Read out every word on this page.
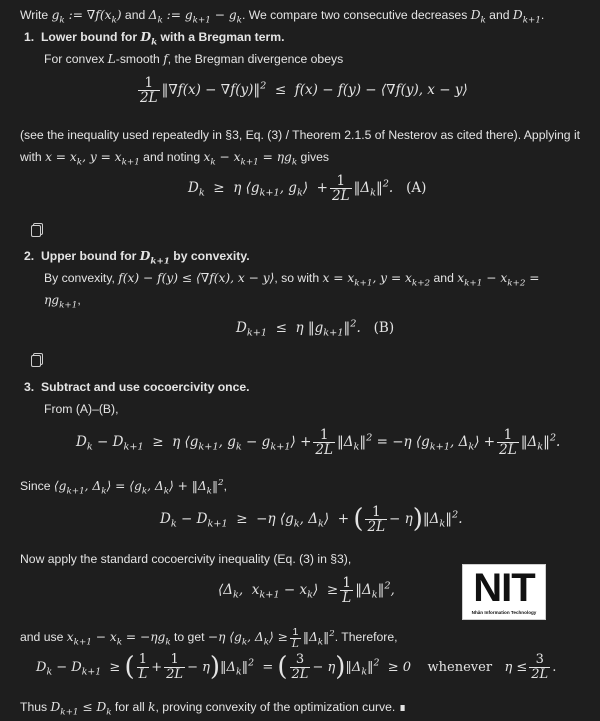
Write $g_k$ := $\nabla f(x_k)$ and $\Delta_k$ := $g_{k+1} - g_k$. We compare two consecutive decreases $D_k$ and $D_{k+1}$.
1. Lower bound for $D_k$ with a Bregman term.
For convex L-smooth f, the Bregman divergence obeys
$\frac{1}{2L}$ ‖∇f(x) − ∇f(y)‖$^2$  ≤  f(x) − f(y) − ⟨∇f(y), x − y⟩
(see the inequality used repeatedly in §3, Eq. (3) / Theorem 2.1.5 of Nesterov as cited there). Applying it
with $x = x_k$, $y = x_{k+1}$ and noting $x_k - x_{k+1} = \eta g_k$ gives
$D_k \ge \eta$ $⟨g_{k+1}$, $g_k⟩ + \frac{1}{2L}$ $‖\Delta_k‖^2$. (A)
2. Upper bound for $D_{k+1}$ by convexity.
By convexity, f(x) − f(y) ≤ ⟨∇f(x), x − y⟩, so with $x = x_{k+1}$, $y = x_{k+2}$ and $x_{k+1} - x_{k+2}$ =
$\eta g_{k+1}$,
$D_{k+1} \le \eta$ $‖g_{k+1}‖^2$. (B)
3. Subtract and use cocoercivity once.
From (A)–(B),
$D_k - D_{k+1} \ge \eta$ $⟨g_{k+1}$, $g_k$ − $g_{k+1}⟩ + \frac{1}{2L}$ $‖\Delta_k‖^2 = -\eta$ $⟨g_{k+1}$, $\Delta_k⟩ + \frac{1}{2L}$ $‖\Delta_k‖^2$.
Since $⟨g_{k+1}$, $\Delta_k⟩$ = $⟨g_k$, $\Delta_k⟩$ + $‖\Delta_k‖^2$,
$D_k - D_{k+1} \ge -\eta$ $⟨g_k$, $\Delta_k⟩$  + ( $\frac{1}{2L}$ − $\eta)‖\Delta_k‖^2$.
Now apply the standard cocoercivity inequality (Eq. (3) in §3),
$⟨\Delta_k$,  $x_{k+1}$ − $x_k⟩ \ge \frac{1}{L}$ $‖\Delta_k‖^2$,
and use $x_{k+1} - x_k = -\eta g_k$ to get −η $⟨g_k$, $\Delta_k⟩ \ge \frac{1}{L}$ $‖\Delta_k‖^2$. Therefore,
$D_k - D_{k+1}$  ≥ ( $\frac{1}{L} + \frac{1}{2L}$ − $\eta)‖\Delta_k‖^2$  = ( $\frac{3}{2L}$ − $\eta)‖\Delta_k‖^2 \ge 0$ whenever $\eta \le \frac{3}{2L}$ .
Thus $D_{k+1} \le D_k$ for all k, proving convexity of the optimization curve. ∎
NIT
Nhân Information Technology
